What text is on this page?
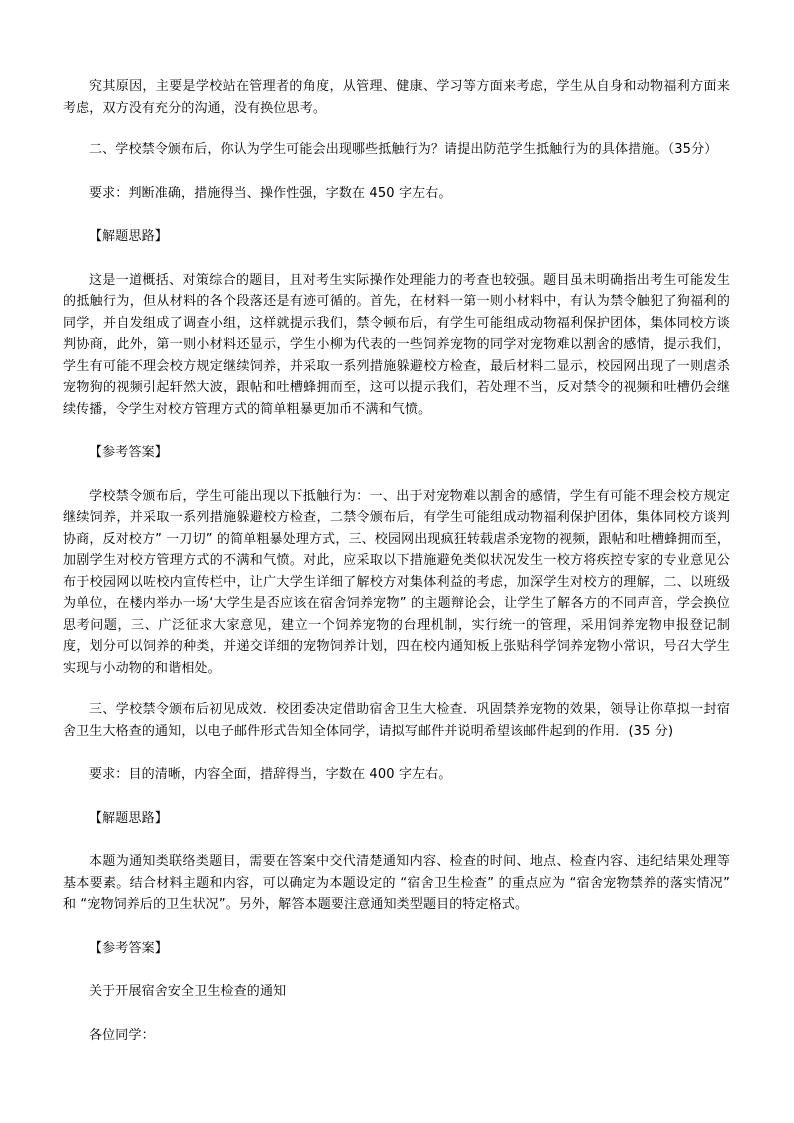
究其原因，主要是学校站在管理者的角度，从管理、健康、学习等方面来考虑，学生从自身和动物福利方面来考虑，双方没有充分的沟通，没有换位思考。

二、学校禁令颁布后，你认为学生可能会出现哪些抵触行为？请提出防范学生抵触行为的具体措施。（35分）

要求：判断准确，措施得当、操作性强，字数在 450 字左右。

【解题思路】

这是一道概括、对策综合的题目，且对考生实际操作处理能力的考查也较强。题目虽未明确指出考生可能发生的抵触行为，但从材料的各个段落还是有迹可循的。首先，在材料一第一则小材料中，有认为禁令触犯了狗福利的同学，并自发组成了调查小组，这样就提示我们，禁令顿布后，有学生可能组成动物福利保护团体，集体同校方谈判协商，此外，第一则小材料还显示，学生小柳为代表的一些饲养宠物的同学对宠物难以割舍的感情，提示我们，学生有可能不理会校方规定继续饲养，并采取一系列措施躲避校方检查，最后材料二显示，校园网出现了一则虐杀宠物狗的视频引起轩然大波，跟帖和吐槽蜂拥而至，这可以提示我们，若处理不当，反对禁令的视频和吐槽仍会继续传播，令学生对校方管理方式的简单粗暴更加币不满和气愤。

【参考答案】

学校禁令颁布后，学生可能出现以下抵触行为：一、出于对宠物难以割舍的感情，学生有可能不理会校方规定继续饲养，并采取一系列措施躲避校方检查，二禁令颁布后，有学生可能组成动物福利保护团体，集体同校方谈判协商，反对校方” 一刀切” 的简单粗暴处理方式，三、校园网出现疯狂转载虐杀宠物的视频，跟帖和吐槽蜂拥而至，加剧学生对校方管理方式的不满和气愤。对此，应采取以下措施避免类似状况发生一校方将疾控专家的专业意见公布于校园网以咗校内宣传栏中，让广大学生详细了解校方对集体利益的考虑，加深学生对校方的理解，二、以班级为单位，在楼内举办一场‘大学生是否应该在宿舍饲养宠物” 的主题辩论会，让学生了解各方的不同声音，学会换位思考问题，三、广泛征求大家意见，建立一个饲养宠物的台理机制，实行统一的管理，采用饲养宠物申报登记制度，划分可以饲养的种类，并递交详细的宠物饲养计划，四在校内通知板上张贴科学饲养宠物小常识，号召大学生实现与小动物的和谐相处。

三、学校禁令颁布后初见成效．校团委决定借助宿舍卫生大检查．巩固禁养宠物的效果，领导让你草拟一封宿舍卫生大格查的通知，以电子邮件形式告知全体同学，请拟写邮件并说明希望该邮件起到的作用．(35 分)

要求：目的清晰，内容全面，措辞得当，字数在 400 字左右。

【解题思路】

本题为通知类联络类题目，需要在答案中交代清楚通知内容、检查的时间、地点、检查内容、违纪结果处理等基本要素。结合材料主题和内容，可以确定为本题设定的 “宿舍卫生检查” 的重点应为 “宿舍宠物禁养的落实情况” 和 “宠物饲养后的卫生状况”。另外，解答本题要注意通知类型题目的特定格式。

【参考答案】

关于开展宿舍安全卫生检查的通知

各位同学：
